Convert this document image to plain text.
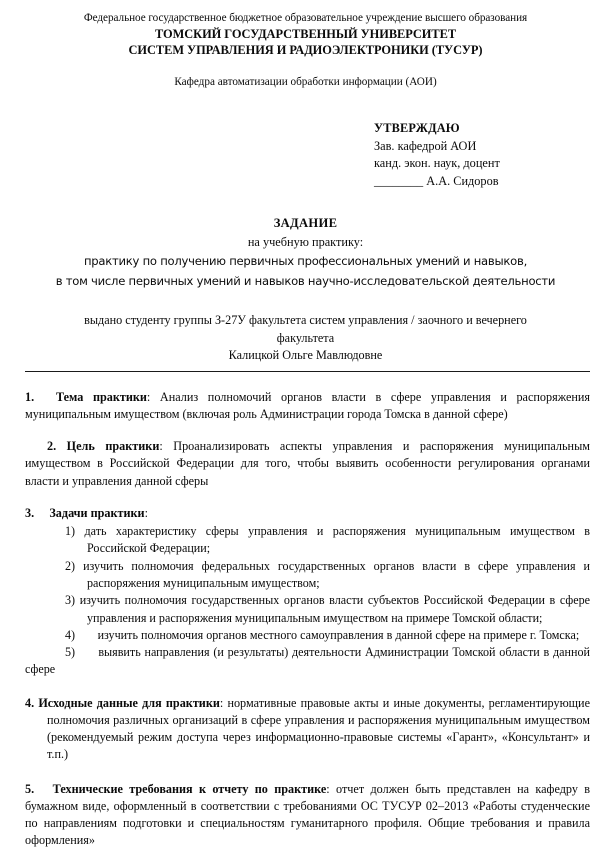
Федеральное государственное бюджетное образовательное учреждение высшего образования
ТОМСКИЙ ГОСУДАРСТВЕННЫЙ УНИВЕРСИТЕТ
СИСТЕМ УПРАВЛЕНИЯ И РАДИОЭЛЕКТРОНИКИ (ТУСУР)
Кафедра автоматизации обработки информации (АОИ)
УТВЕРЖДАЮ
Зав. кафедрой АОИ
канд. экон. наук, доцент
________ А.А. Сидоров
ЗАДАНИЕ
на учебную практику:
практику по получению первичных профессиональных умений и навыков,
в том числе первичных умений и навыков научно-исследовательской деятельности
выдано студенту группы З-27У факультета систем управления / заочного и вечернего
факультета
Калицкой Ольге Мавлюдовне
1.	Тема практики: Анализ полномочий органов власти в сфере управления и распоряжения муниципальным имуществом (включая роль Администрации города Томска в данной сфере)
2. Цель практики: Проанализировать аспекты управления и распоряжения муниципальным имуществом в Российской Федерации для того, чтобы выявить особенности регулирования органами власти и управления данной сферы
3.	Задачи практики:
1) дать характеристику сферы управления и распоряжения муниципальным имуществом в Российской Федерации;
2) изучить полномочия федеральных государственных органов власти в сфере управления и распоряжения муниципальным имуществом;
3) изучить полномочия государственных органов власти субъектов Российской Федерации в сфере управления и распоряжения муниципальным имуществом на примере Томской области;
4)	изучить полномочия органов местного самоуправления в данной сфере на примере г. Томска;
5)	выявить направления (и результаты) деятельности Администрации Томской области в данной сфере
4. Исходные данные для практики: нормативные правовые акты и иные документы, регламентирующие полномочия различных организаций в сфере управления и распоряжения муниципальным имуществом (рекомендуемый режим доступа через информационно-правовые системы «Гарант», «Консультант» и т.п.)
5.	Технические требования к отчету по практике: отчет должен быть представлен на кафедру в бумажном виде, оформленный в соответствии с требованиями ОС ТУСУР 02–2013 «Работы студенческие по направлениям подготовки и специальностям гуманитарного профиля. Общие требования и правила оформления»
